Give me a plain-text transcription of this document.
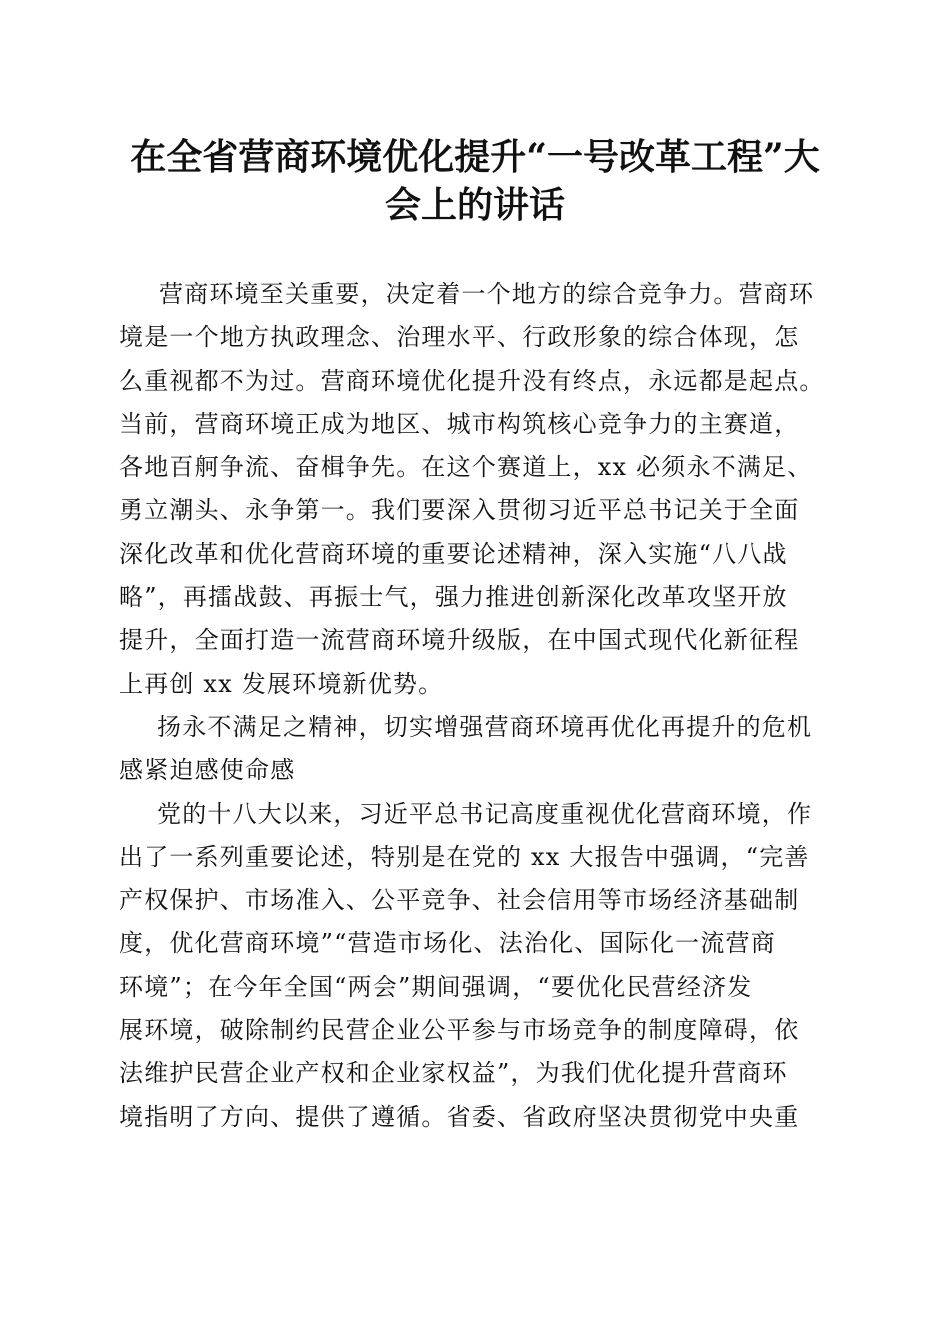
在全省营商环境优化提升“一号改革工程”大
会上的讲话
营商环境至关重要，决定着一个地方的综合竞争力。营商环
境是一个地方执政理念、治理水平、行政形象的综合体现，怎
么重视都不为过。营商环境优化提升没有终点，永远都是起点。
当前，营商环境正成为地区、城市构筑核心竞争力的主赛道，
各地百舸争流、奋楫争先。在这个赛道上，xx 必须永不满足、
勇立潮头、永争第一。我们要深入贯彻习近平总书记关于全面
深化改革和优化营商环境的重要论述精神，深入实施“八八战
略”，再擂战鼓、再振士气，强力推进创新深化改革攻坚开放
提升，全面打造一流营商环境升级版，在中国式现代化新征程
上再创 xx 发展环境新优势。
扬永不满足之精神，切实增强营商环境再优化再提升的危机
感紧迫感使命感
党的十八大以来，习近平总书记高度重视优化营商环境，作
出了一系列重要论述，特别是在党的 xx 大报告中强调，“完善
产权保护、市场准入、公平竞争、社会信用等市场经济基础制
度，优化营商环境”“营造市场化、法治化、国际化一流营商
环境”；在今年全国“两会”期间强调，“要优化民营经济发
展环境，破除制约民营企业公平参与市场竞争的制度障碍，依
法维护民营企业产权和企业家权益”，为我们优化提升营商环
境指明了方向、提供了遵循。省委、省政府坚决贯彻党中央重
